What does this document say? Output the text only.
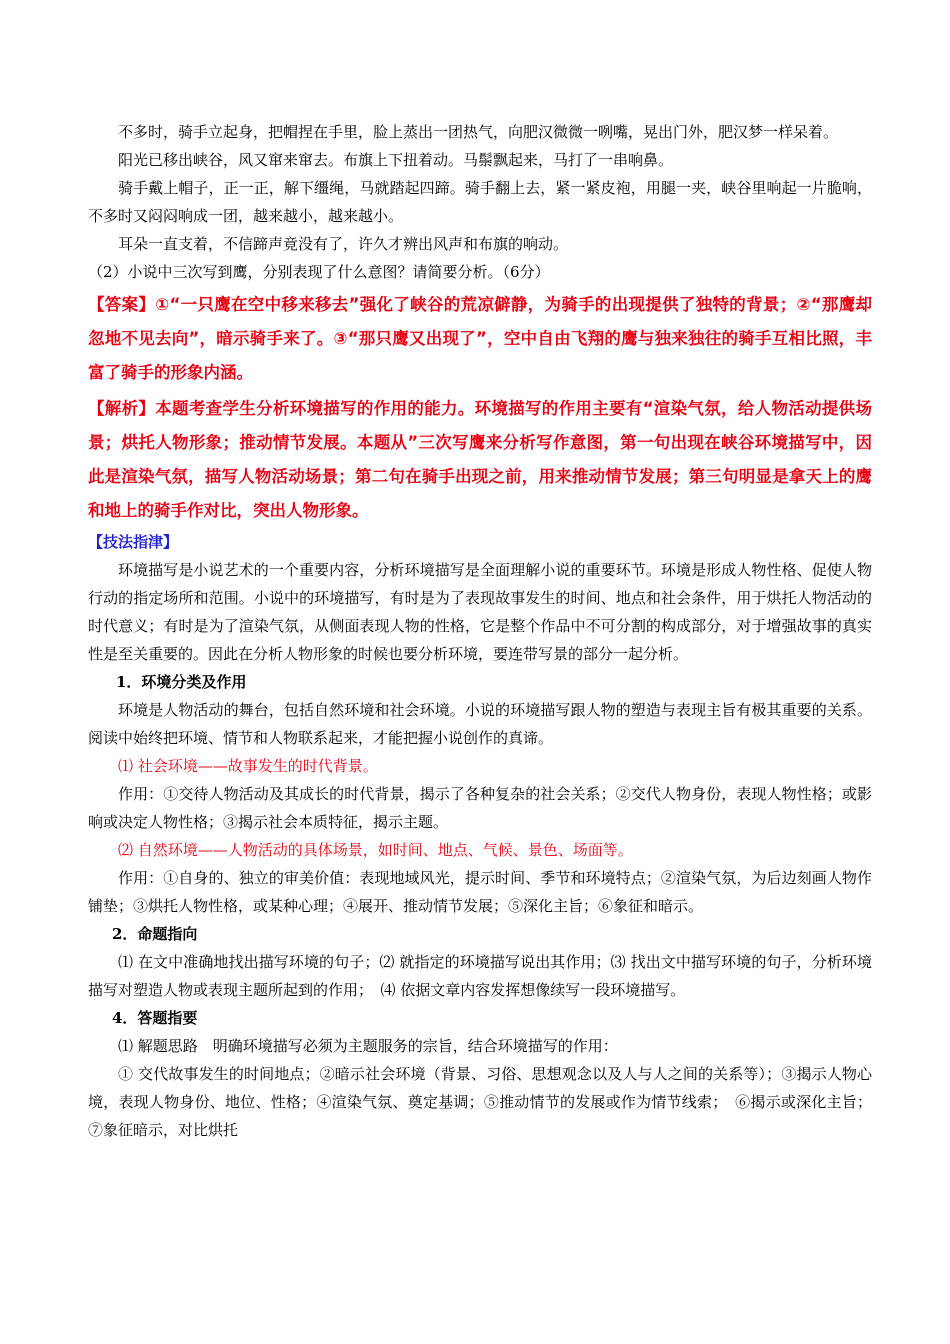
不多时，骑手立起身，把帽捏在手里，脸上蒸出一团热气，向肥汉微微一咧嘴，晃出门外，肥汉梦一样呆着。

阳光已移出峡谷，风又窜来窜去。布旗上下扭着动。马鬃飘起来，马打了一串响鼻。

骑手戴上帽子，正一正，解下缰绳，马就踏起四蹄。骑手翻上去，紧一紧皮袍，用腿一夹，峡谷里响起一片脆响，不多时又闷闷响成一团，越来越小，越来越小。

耳朵一直支着，不信蹄声竟没有了，许久才辨出风声和布旗的响动。

（2）小说中三次写到鹰，分别表现了什么意图？请简要分析。（6分）

【答案】①“一只鹰在空中移来移去”强化了峡谷的荒凉僻静，为骑手的出现提供了独特的背景；②“那鹰却忽地不见去向”，暗示骑手来了。③“那只鹰又出现了”，空中自由飞翔的鹰与独来独往的骑手互相比照，丰富了骑手的形象内涵。

【解析】本题考查学生分析环境描写的作用的能力。环境描写的作用主要有“渲染气氛，给人物活动提供场景；烘托人物形象；推动情节发展。本题从”三次写鹰来分析写作意图，第一句出现在峡谷环境描写中，因此是渲染气氛，描写人物活动场景；第二句在骑手出现之前，用来推动情节发展；第三句明显是拿天上的鹰和地上的骑手作对比，突出人物形象。

【技法指津】

环境描写是小说艺术的一个重要内容，分析环境描写是全面理解小说的重要环节。环境是形成人物性格、促使人物行动的指定场所和范围。小说中的环境描写，有时是为了表现故事发生的时间、地点和社会条件，用于烘托人物活动的时代意义；有时是为了渲染气氛，从侧面表现人物的性格，它是整个作品中不可分割的构成部分，对于增强故事的真实性是至关重要的。因此在分析人物形象的时候也要分析环境，要连带写景的部分一起分析。

1．环境分类及作用

环境是人物活动的舞台，包括自然环境和社会环境。小说的环境描写跟人物的塑造与表现主旨有极其重要的关系。阅读中始终把环境、情节和人物联系起来，才能把握小说创作的真谛。

⑴ 社会环境——故事发生的时代背景。

作用：①交待人物活动及其成长的时代背景，揭示了各种复杂的社会关系；②交代人物身份，表现人物性格；或影响或决定人物性格；③揭示社会本质特征，揭示主题。

⑵ 自然环境——人物活动的具体场景，如时间、地点、气候、景色、场面等。

作用：①自身的、独立的审美价值：表现地域风光，提示时间、季节和环境特点；②渲染气氛，为后边刻画人物作铺垫；③烘托人物性格，或某种心理；④展开、推动情节发展；⑤深化主旨；⑥象征和暗示。

2．命题指向

⑴ 在文中准确地找出描写环境的句子；⑵ 就指定的环境描写说出其作用；⑶ 找出文中描写环境的句子，分析环境描写对塑造人物或表现主题所起到的作用；　⑷ 依据文章内容发挥想像续写一段环境描写。

4．答题指要

⑴ 解题思路　明确环境描写必须为主题服务的宗旨，结合环境描写的作用：

① 交代故事发生的时间地点；②暗示社会环境（背景、习俗、思想观念以及人与人之间的关系等）；③揭示人物心境，表现人物身份、地位、性格；④渲染气氛、奠定基调；⑤推动情节的发展或作为情节线索；　⑥揭示或深化主旨；⑦象征暗示，对比烘托
